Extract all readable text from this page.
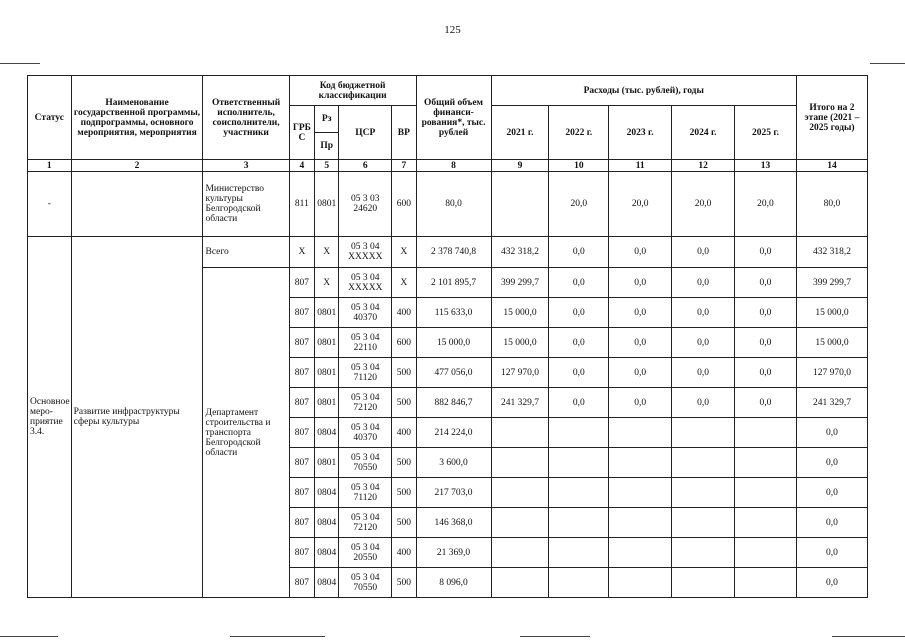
125
Статус	Наименование государственной программы, подпрограммы, основного мероприятия, мероприятия	Ответственный исполнитель, соисполнители, участники	Код бюджетной классификации				Общий объем финанси-рования*, тыс. рублей	Расходы (тыс. рублей), годы					Итого на 2 этапе (2021 – 2025 годы)
			ГРБ С	Рз	ЦСР	ВР		2021 г.	2022 г.	2023 г.	2024 г.	2025 г.	
				Пр									
1	2	3	4	5	6	7	8	9	10	11	12	13	14
-		Министерство культуры Белгородской области	811	0801	05 3 03 24620	600	80,0		20,0	20,0	20,0	20,0	80,0
Основное меро-приятие 3.4.	Развитие инфраструктуры сферы культуры	Всего	X	X	05 3 04 XXXXX	X	2 378 740,8	432 318,2	0,0	0,0	0,0	0,0	432 318,2
		Департамент строительства и транспорта Белгородской области	807	X	05 3 04 XXXXX	X	2 101 895,7	399 299,7	0,0	0,0	0,0	0,0	399 299,7
			807	0801	05 3 04 40370	400	115 633,0	15 000,0	0,0	0,0	0,0	0,0	15 000,0
			807	0801	05 3 04 22110	600	15 000,0	15 000,0	0,0	0,0	0,0	0,0	15 000,0
			807	0801	05 3 04 71120	500	477 056,0	127 970,0	0,0	0,0	0,0	0,0	127 970,0
			807	0801	05 3 04 72120	500	882 846,7	241 329,7	0,0	0,0	0,0	0,0	241 329,7
			807	0804	05 3 04 40370	400	214 224,0						0,0
			807	0801	05 3 04 70550	500	3 600,0						0,0
			807	0804	05 3 04 71120	500	217 703,0						0,0
			807	0804	05 3 04 72120	500	146 368,0						0,0
			807	0804	05 3 04 20550	400	21 369,0						0,0
			807	0804	05 3 04 70550	500	8 096,0						0,0
